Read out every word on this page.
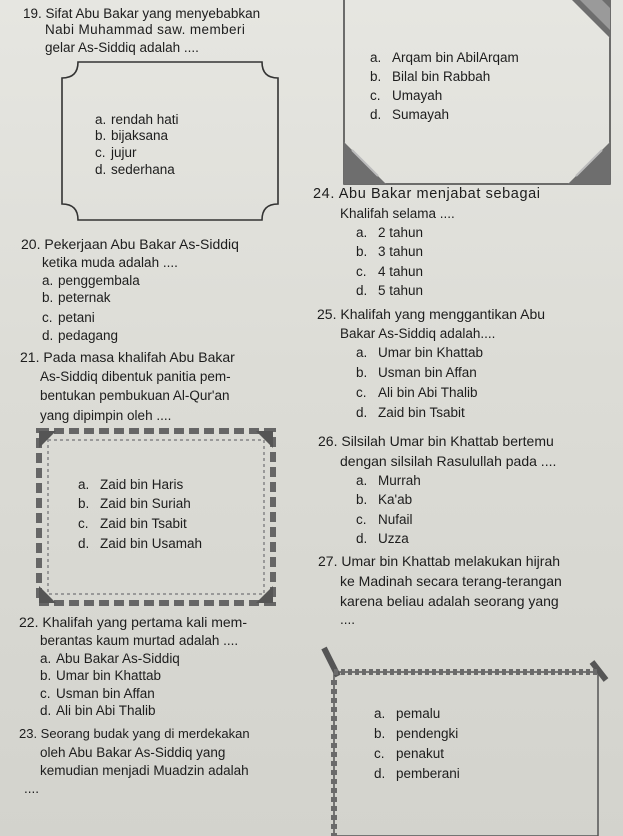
19. Sifat Abu Bakar yang menyebabkan
Nabi Muhammad saw. memberi
gelar As-Siddiq adalah ....
a. rendah hati
b. bijaksana
c. jujur
d. sederhana
a. Arqam bin AbilArqam
b. Bilal bin Rabbah
c. Umayah
d. Sumayah
24. Abu Bakar menjabat sebagai
Khalifah selama ....
a. 2 tahun
b. 3 tahun
c. 4 tahun
d. 5 tahun
20. Pekerjaan Abu Bakar As-Siddiq
ketika muda adalah ....
a. penggembala
b. peternak
c. petani
d. pedagang
25. Khalifah yang menggantikan Abu
Bakar As-Siddiq adalah....
a. Umar bin Khattab
b. Usman bin Affan
c. Ali bin Abi Thalib
d. Zaid bin Tsabit
21. Pada masa khalifah Abu Bakar
As-Siddiq dibentuk panitia pem-
bentukan pembukuan Al-Qur'an
yang dipimpin oleh ....
a. Zaid bin Haris
b. Zaid bin Suriah
c. Zaid bin Tsabit
d. Zaid bin Usamah
26. Silsilah Umar bin Khattab bertemu
dengan silsilah Rasulullah pada ....
a. Murrah
b. Ka'ab
c. Nufail
d. Uzza
27. Umar bin Khattab melakukan hijrah
ke Madinah secara terang-terangan
karena beliau adalah seorang yang
....
a. pemalu
b. pendengki
c. penakut
d. pemberani
22. Khalifah yang pertama kali mem-
berantas kaum murtad adalah ....
a. Abu Bakar As-Siddiq
b. Umar bin Khattab
c. Usman bin Affan
d. Ali bin Abi Thalib
23. Seorang budak yang di merdekakan
oleh Abu Bakar As-Siddiq yang
kemudian menjadi Muadzin adalah
....
